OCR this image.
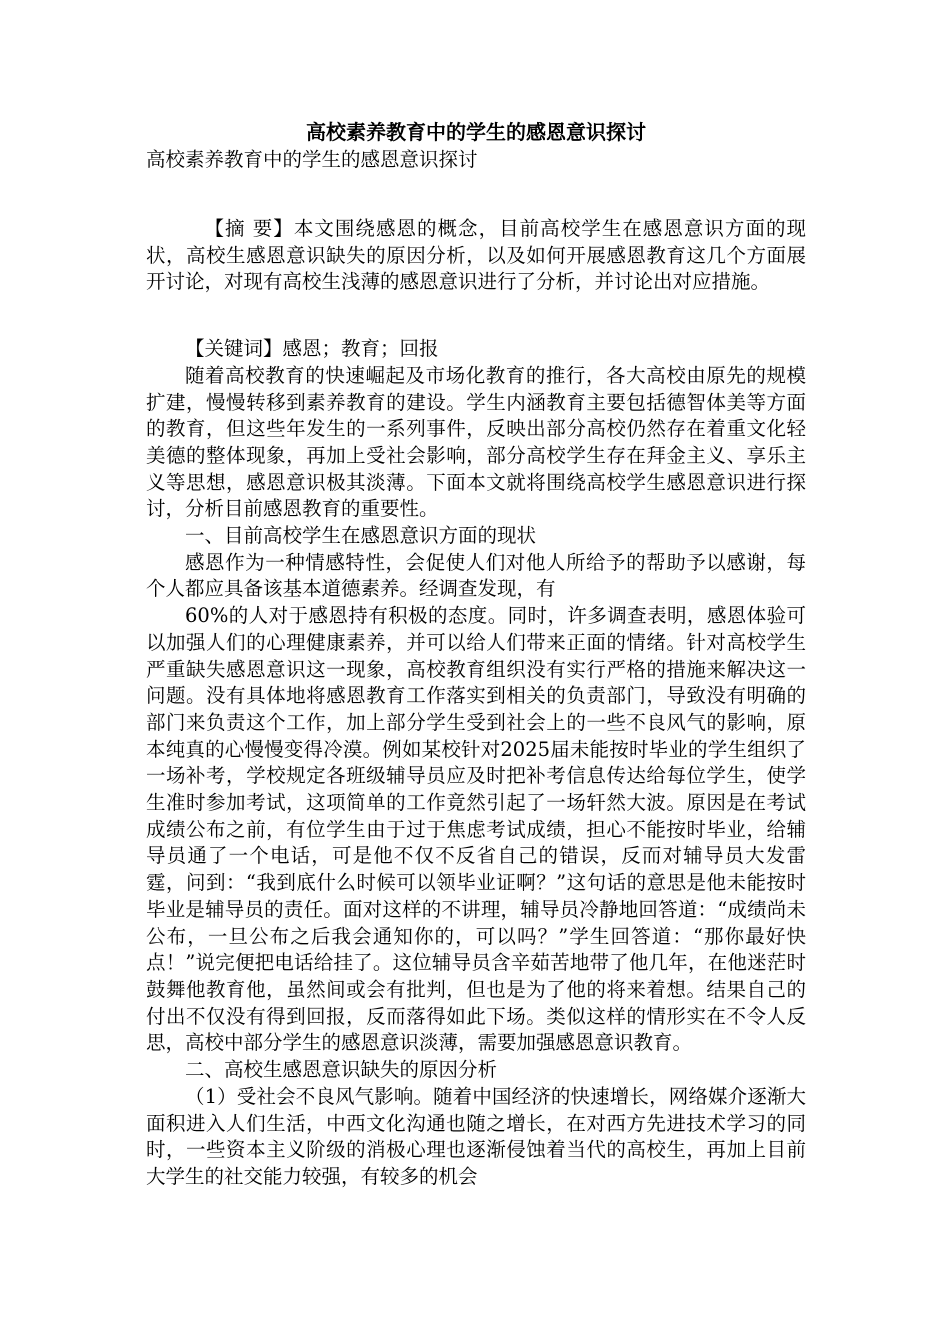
高校素养教育中的学生的感恩意识探讨

高校素养教育中的学生的感恩意识探讨

【摘 要】本文围绕感恩的概念，目前高校学生在感恩意识方面的现状，高校生感恩意识缺失的原因分析，以及如何开展感恩教育这几个方面展开讨论，对现有高校生浅薄的感恩意识进行了分析，并讨论出对应措施。

【关键词】感恩；教育；回报

随着高校教育的快速崛起及市场化教育的推行，各大高校由原先的规模扩建，慢慢转移到素养教育的建设。学生内涵教育主要包括德智体美等方面的教育，但这些年发生的一系列事件，反映出部分高校仍然存在着重文化轻美德的整体现象，再加上受社会影响，部分高校学生存在拜金主义、享乐主义等思想，感恩意识极其淡薄。下面本文就将围绕高校学生感恩意识进行探讨，分析目前感恩教育的重要性。

一、目前高校学生在感恩意识方面的现状

感恩作为一种情感特性，会促使人们对他人所给予的帮助予以感谢，每个人都应具备该基本道德素养。经调查发现，有

60%的人对于感恩持有积极的态度。同时，许多调查表明，感恩体验可以加强人们的心理健康素养，并可以给人们带来正面的情绪。针对高校学生严重缺失感恩意识这一现象，高校教育组织没有实行严格的措施来解决这一问题。没有具体地将感恩教育工作落实到相关的负责部门，导致没有明确的部门来负责这个工作，加上部分学生受到社会上的一些不良风气的影响，原本纯真的心慢慢变得冷漠。例如某校针对2025届未能按时毕业的学生组织了一场补考，学校规定各班级辅导员应及时把补考信息传达给每位学生，使学生准时参加考试，这项简单的工作竟然引起了一场轩然大波。原因是在考试成绩公布之前，有位学生由于过于焦虑考试成绩，担心不能按时毕业，给辅导员通了一个电话，可是他不仅不反省自己的错误，反而对辅导员大发雷霆，问到：“我到底什么时候可以领毕业证啊？”这句话的意思是他未能按时毕业是辅导员的责任。面对这样的不讲理，辅导员冷静地回答道：“成绩尚未公布，一旦公布之后我会通知你的，可以吗？”学生回答道：“那你最好快点！”说完便把电话给挂了。这位辅导员含辛茹苦地带了他几年，在他迷茫时鼓舞他教育他，虽然间或会有批判，但也是为了他的将来着想。结果自己的付出不仅没有得到回报，反而落得如此下场。类似这样的情形实在不令人反思，高校中部分学生的感恩意识淡薄，需要加强感恩意识教育。

二、高校生感恩意识缺失的原因分析

（1）受社会不良风气影响。随着中国经济的快速增长，网络媒介逐渐大面积进入人们生活，中西文化沟通也随之增长，在对西方先进技术学习的同时，一些资本主义阶级的消极心理也逐渐侵蚀着当代的高校生，再加上目前大学生的社交能力较强，有较多的机会
